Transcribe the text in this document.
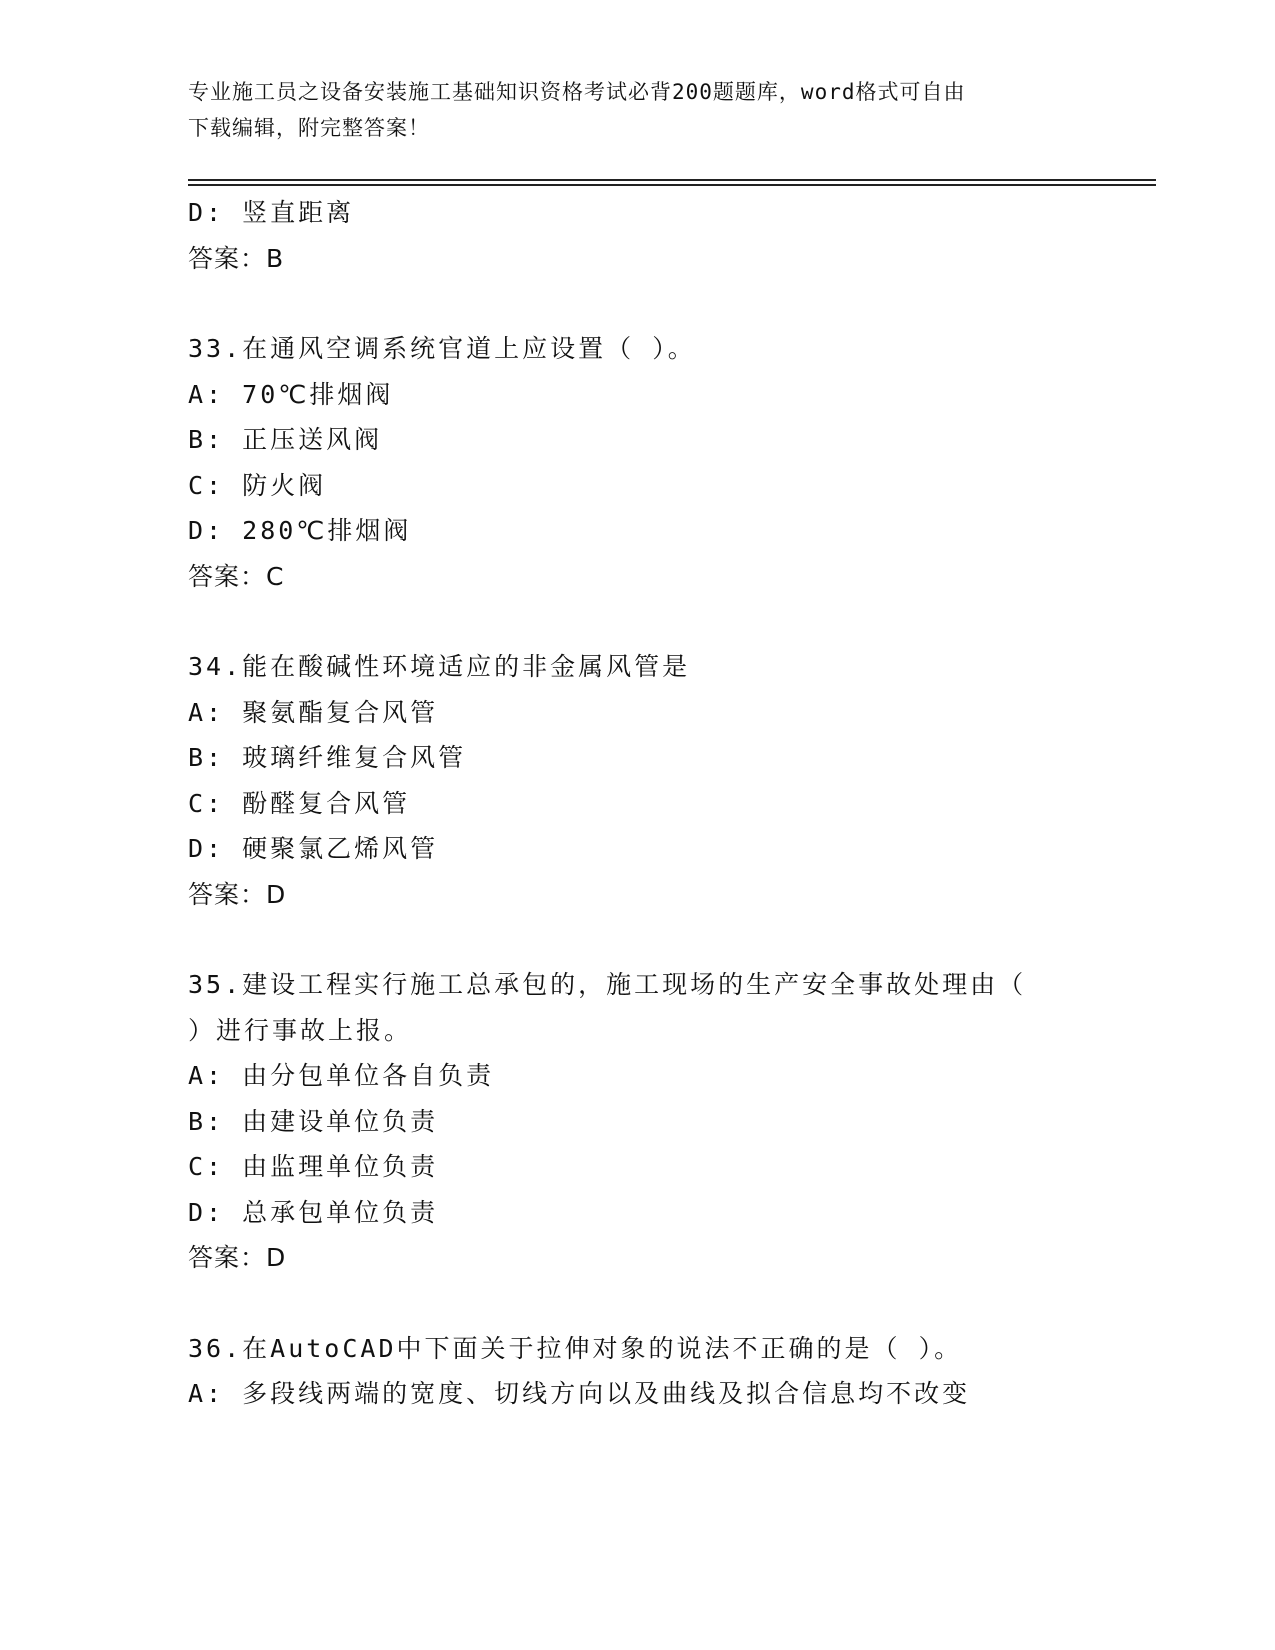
专业施工员之设备安装施工基础知识资格考试必背200题题库，word格式可自由
下载编辑，附完整答案！
D: 竖直距离
答案：B
33.在通风空调系统官道上应设置（ ）。
A: 70℃排烟阀
B: 正压送风阀
C: 防火阀
D: 280℃排烟阀
答案：C
34.能在酸碱性环境适应的非金属风管是
A: 聚氨酯复合风管
B: 玻璃纤维复合风管
C: 酚醛复合风管
D: 硬聚氯乙烯风管
答案：D
35.建设工程实行施工总承包的，施工现场的生产安全事故处理由（
）进行事故上报。
A: 由分包单位各自负责
B: 由建设单位负责
C: 由监理单位负责
D: 总承包单位负责
答案：D
36.在AutoCAD中下面关于拉伸对象的说法不正确的是（ ）。
A: 多段线两端的宽度、切线方向以及曲线及拟合信息均不改变
